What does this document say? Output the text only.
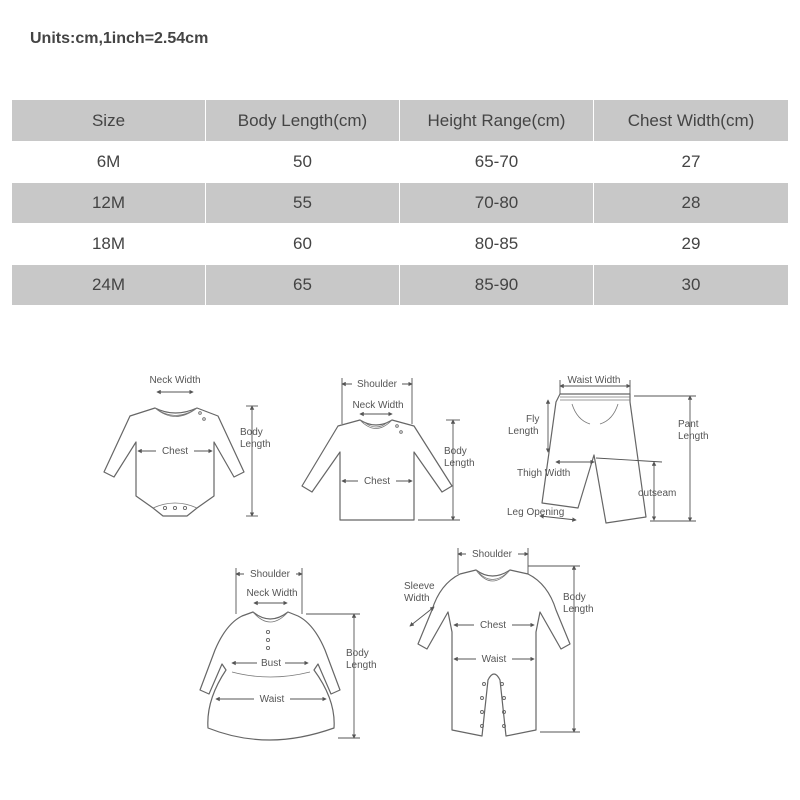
Units:cm,1inch=2.54cm

Size	Body Length(cm)	Height Range(cm)	Chest Width(cm)
6M	50	65-70	27
12M	55	70-80	28
18M	60	80-85	29
24M	65	85-90	30
Neck Width
Chest
Body
Length
Shoulder
Neck Width
Chest
Body
Length
Waist Width
Fly
Length
Pant
Length
Thigh Width
outseam
Leg Opening
Shoulder
Neck Width
Bust
Waist
Body
Length
Shoulder
Sleeve
Width
Chest
Waist
Body
Length
